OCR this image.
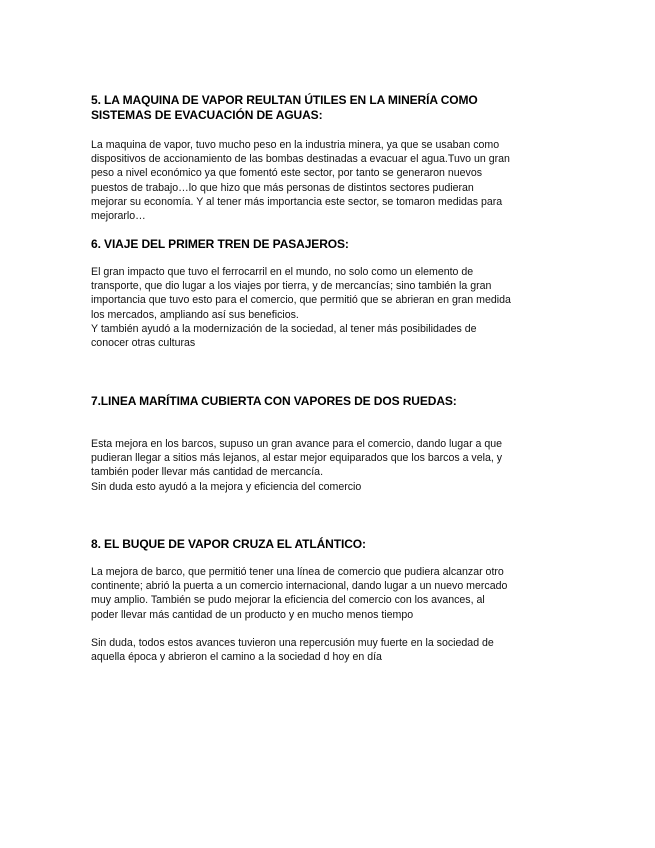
5. LA MAQUINA DE VAPOR REULTAN ÚTILES EN LA MINERÍA COMO
SISTEMAS DE EVACUACIÓN DE AGUAS:

La maquina de vapor, tuvo mucho peso en la industria minera, ya que se usaban como
dispositivos de accionamiento de las bombas destinadas a evacuar el agua.Tuvo un gran
peso a nivel económico ya que fomentó este sector, por tanto se generaron nuevos
puestos de trabajo…lo que hizo que más personas de distintos sectores pudieran
mejorar su economía. Y al tener más importancia este sector, se tomaron medidas para
mejorarlo…

6. VIAJE DEL PRIMER TREN DE PASAJEROS:

El gran impacto que tuvo el ferrocarril en el mundo, no solo como un elemento de
transporte, que dio lugar a los viajes por tierra, y de mercancías; sino también la gran
importancia que tuvo esto para el comercio, que permitió que se abrieran en gran medida
los mercados, ampliando así sus beneficios.
Y también ayudó a la modernización de la sociedad, al tener más posibilidades de
conocer otras culturas

7.LINEA MARÍTIMA CUBIERTA CON VAPORES DE DOS RUEDAS:

Esta mejora en los barcos, supuso un gran avance para el comercio, dando lugar a que
pudieran llegar a sitios más lejanos, al estar mejor equiparados que los barcos a vela, y
también poder llevar más cantidad de mercancía.
Sin duda esto ayudó a la mejora y eficiencia del comercio

8. EL BUQUE DE VAPOR CRUZA EL ATLÁNTICO:

La mejora de barco, que permitió tener una línea de comercio que pudiera alcanzar otro
continente; abrió la puerta a un comercio internacional, dando lugar a un nuevo mercado
muy amplio. También se pudo mejorar la eficiencia del comercio con los avances, al
poder llevar más cantidad de un producto y en mucho menos tiempo

Sin duda, todos estos avances tuvieron una repercusión muy fuerte en la sociedad de
aquella época y abrieron el camino a la sociedad d hoy en día
